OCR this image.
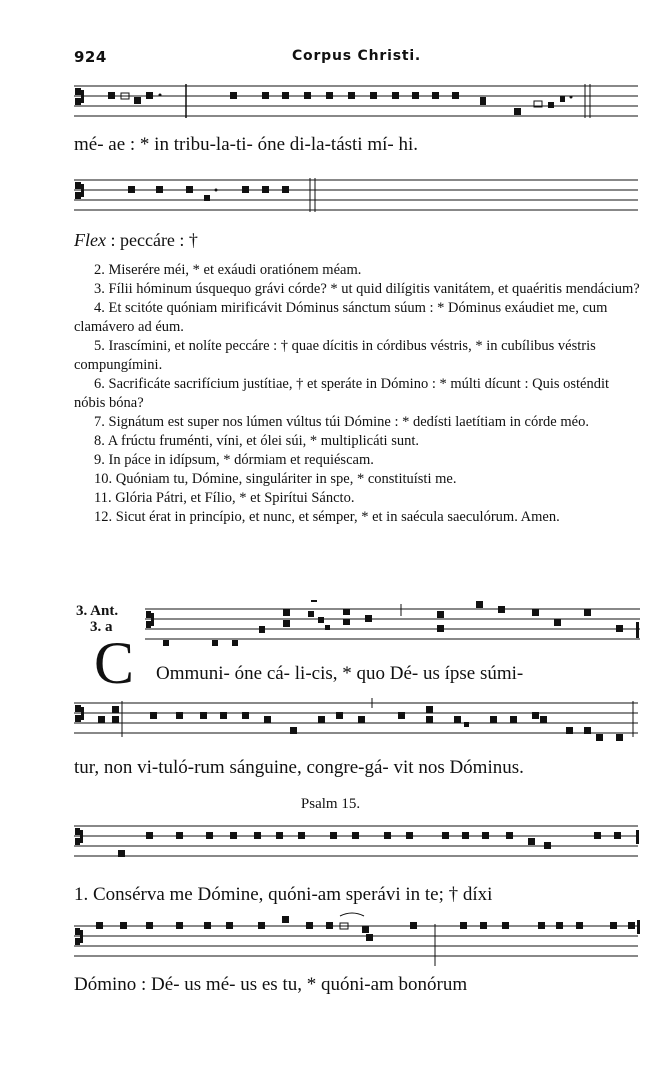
924	Corpus Christi.
mé- ae : * in tribu-la-ti- óne di-la-tásti mí- hi.
Flex : peccáre : †

2. Miserére méi, * et exáudi oratiónem méam.

3. Fílii hóminum úsquequo grávi córde? * ut quid dilígitis vanitátem, et quaéritis mendácium?

4. Et scitóte quóniam mirificávit Dóminus sánctum súum : * Dóminus exáudiet me, cum clamávero ad éum.

5. Irascímini, et nolíte peccáre : † quae dícitis in córdibus véstris, * in cubílibus véstris compungímini.

6. Sacrificáte sacrifícium justítiae, † et speráte in Dómino : * múlti dícunt : Quis osténdit nóbis bóna?

7. Signátum est super nos lúmen vúltus túi Dómine : * dedísti laetítiam in córde méo.

8. A frúctu fruménti, víni, et ólei súi, * multiplicáti sunt.

9. In páce in idípsum, * dórmiam et requiéscam.

10. Quóniam tu, Dómine, singuláriter in spe, * constituísti me.

11. Glória Pátri, et Fílio, * et Spirítui Sáncto.

12. Sicut érat in princípio, et nunc, et sémper, * et in saécula saeculórum. Amen.

3. Ant.
3. a
C Ommuni- óne cá- li-cis, * quo Dé- us ípse súmi-
tur, non vi-tuló-rum sánguine, congre-gá- vit nos Dóminus.
Psalm 15.
1. Consérva me Dómine, quóni-am sperávi in te; † díxi
Dómino : Dé- us mé- us es tu, * quóni-am bonórum
